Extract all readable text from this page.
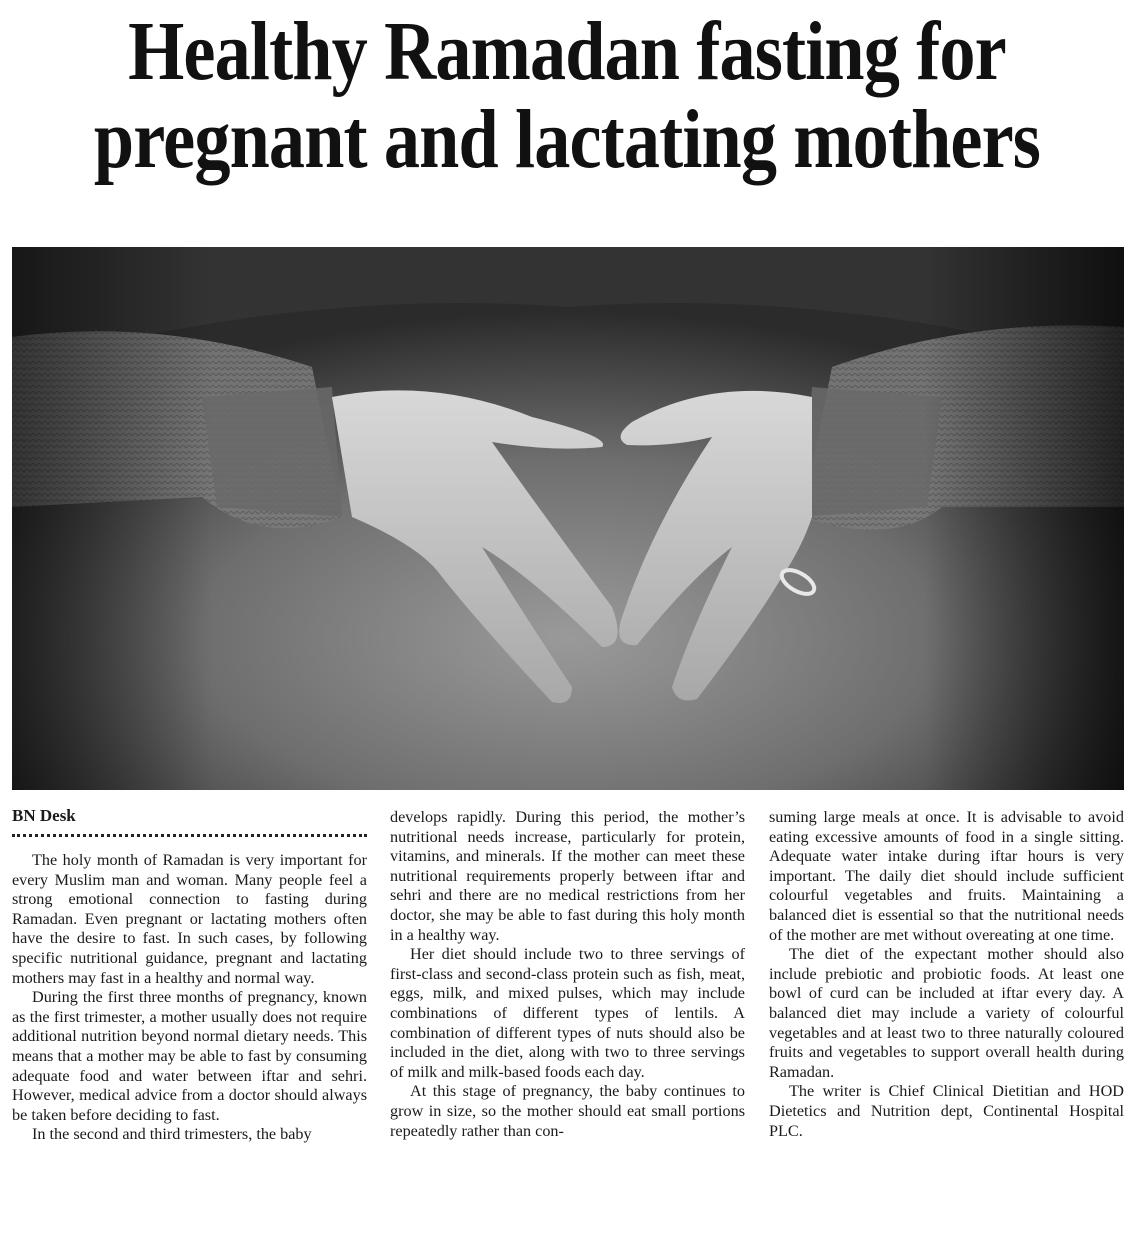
Healthy Ramadan fasting for
pregnant and lactating mothers
BN Desk

The holy month of Ramadan is very important for every Muslim man and woman. Many people feel a strong emotional connection to fasting during Ramadan. Even pregnant or lactating mothers often have the desire to fast. In such cases, by following specific nutritional guidance, pregnant and lactating mothers may fast in a healthy and normal way.

During the first three months of pregnancy, known as the first trimester, a mother usually does not require additional nutrition beyond normal dietary needs. This means that a mother may be able to fast by consuming adequate food and water between iftar and sehri. However, medical advice from a doctor should always be taken before deciding to fast.

In the second and third trimesters, the baby

develops rapidly. During this period, the mother’s nutritional needs increase, particularly for protein, vitamins, and minerals. If the mother can meet these nutritional requirements properly between iftar and sehri and there are no medical restrictions from her doctor, she may be able to fast during this holy month in a healthy way.

Her diet should include two to three servings of first-class and second-class protein such as fish, meat, eggs, milk, and mixed pulses, which may include combinations of different types of lentils. A combination of different types of nuts should also be included in the diet, along with two to three servings of milk and milk-based foods each day.

At this stage of pregnancy, the baby continues to grow in size, so the mother should eat small portions repeatedly rather than con-

suming large meals at once. It is advisable to avoid eating excessive amounts of food in a single sitting. Adequate water intake during iftar hours is very important. The daily diet should include sufficient colourful vegetables and fruits. Maintaining a balanced diet is essential so that the nutritional needs of the mother are met without overeating at one time.

The diet of the expectant mother should also include prebiotic and probiotic foods. At least one bowl of curd can be included at iftar every day. A balanced diet may include a variety of colourful vegetables and at least two to three naturally coloured fruits and vegetables to support overall health during Ramadan.

The writer is Chief Clinical Dietitian and HOD Dietetics and Nutrition dept, Continental Hospital PLC.
